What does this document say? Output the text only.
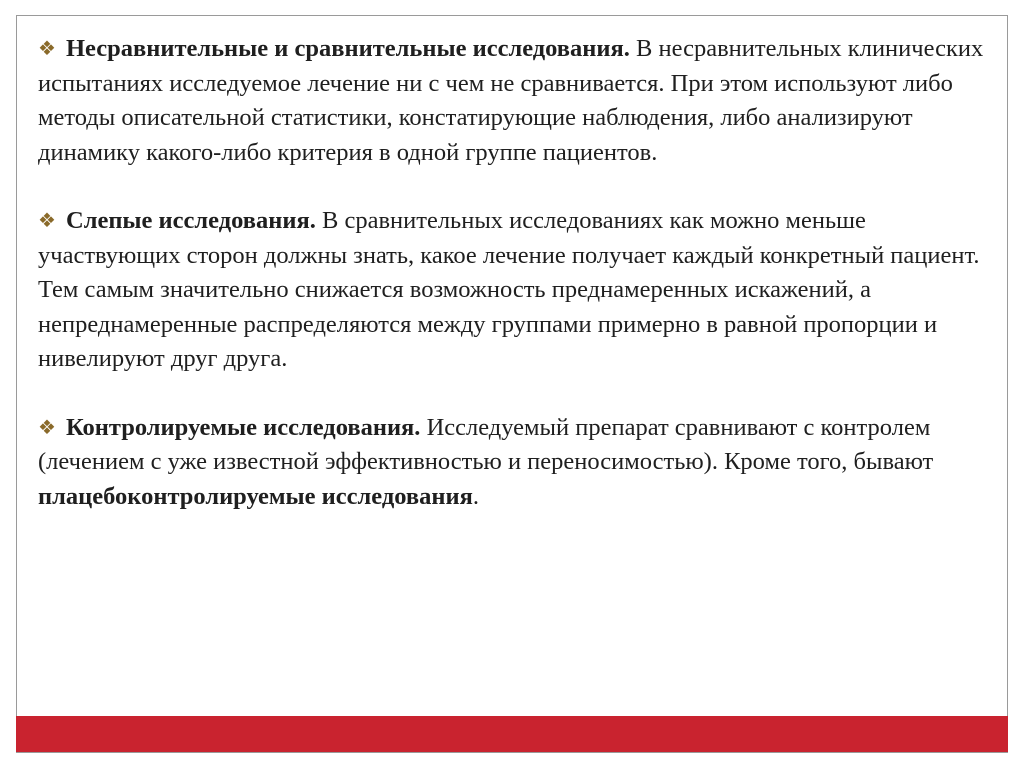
❖ Несравнительные и сравнительные исследования. В несравнительных клинических испытаниях исследуемое лечение ни с чем не сравнивается. При этом используют либо методы описательной статистики, констатирующие наблюдения, либо анализируют динамику какого-либо критерия в одной группе пациентов.

❖ Слепые исследования. В сравнительных исследованиях как можно меньше участвующих сторон должны знать, какое лечение получает каждый конкретный пациент. Тем самым значительно снижается возможность преднамеренных искажений, а непреднамеренные распределяются между группами примерно в равной пропорции и нивелируют друг друга.

❖ Контролируемые исследования. Исследуемый препарат сравнивают с контролем (лечением с уже известной эффективностью и переносимостью). Кроме того, бывают плацебоконтролируемые исследования.
